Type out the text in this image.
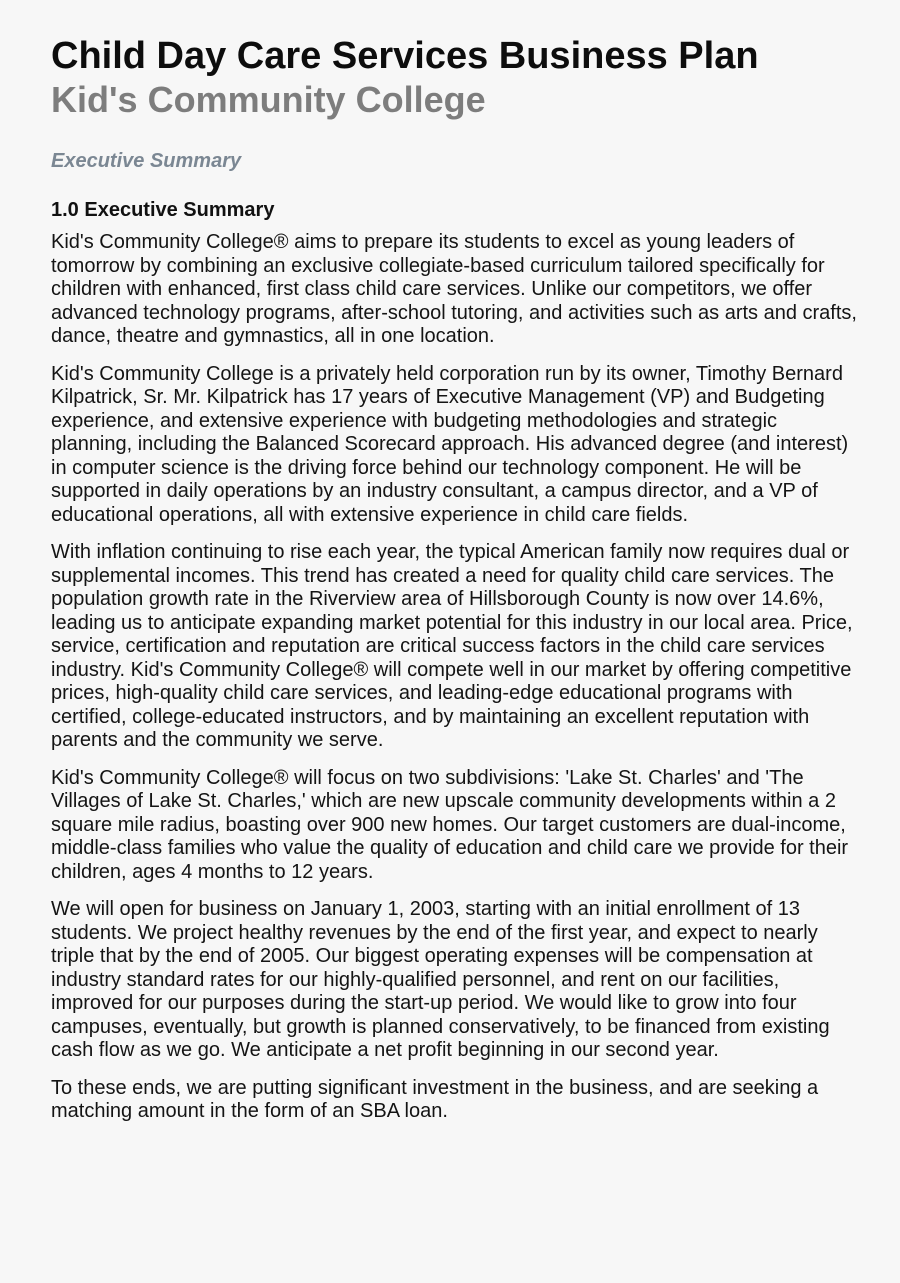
Child Day Care Services Business Plan
Kid's Community College
Executive Summary
1.0 Executive Summary

Kid's Community College® aims to prepare its students to excel as young leaders of tomorrow by combining an exclusive collegiate-based curriculum tailored specifically for children with enhanced, first class child care services. Unlike our competitors, we offer advanced technology programs, after-school tutoring, and activities such as arts and crafts, dance, theatre and gymnastics, all in one location.

Kid's Community College is a privately held corporation run by its owner, Timothy Bernard Kilpatrick, Sr. Mr. Kilpatrick has 17 years of Executive Management (VP) and Budgeting experience, and extensive experience with budgeting methodologies and strategic planning, including the Balanced Scorecard approach. His advanced degree (and interest) in computer science is the driving force behind our technology component. He will be supported in daily operations by an industry consultant, a campus director, and a VP of educational operations, all with extensive experience in child care fields.

With inflation continuing to rise each year, the typical American family now requires dual or supplemental incomes. This trend has created a need for quality child care services. The population growth rate in the Riverview area of Hillsborough County is now over 14.6%, leading us to anticipate expanding market potential for this industry in our local area. Price, service, certification and reputation are critical success factors in the child care services industry. Kid's Community College® will compete well in our market by offering competitive prices, high-quality child care services, and leading-edge educational programs with certified, college-educated instructors, and by maintaining an excellent reputation with parents and the community we serve.

Kid's Community College® will focus on two subdivisions: 'Lake St. Charles' and 'The Villages of Lake St. Charles,' which are new upscale community developments within a 2 square mile radius, boasting over 900 new homes. Our target customers are dual-income, middle-class families who value the quality of education and child care we provide for their children, ages 4 months to 12 years.

We will open for business on January 1, 2003, starting with an initial enrollment of 13 students. We project healthy revenues by the end of the first year, and expect to nearly triple that by the end of 2005. Our biggest operating expenses will be compensation at industry standard rates for our highly-qualified personnel, and rent on our facilities, improved for our purposes during the start-up period. We would like to grow into four campuses, eventually, but growth is planned conservatively, to be financed from existing cash flow as we go. We anticipate a net profit beginning in our second year.

To these ends, we are putting significant investment in the business, and are seeking a matching amount in the form of an SBA loan.
